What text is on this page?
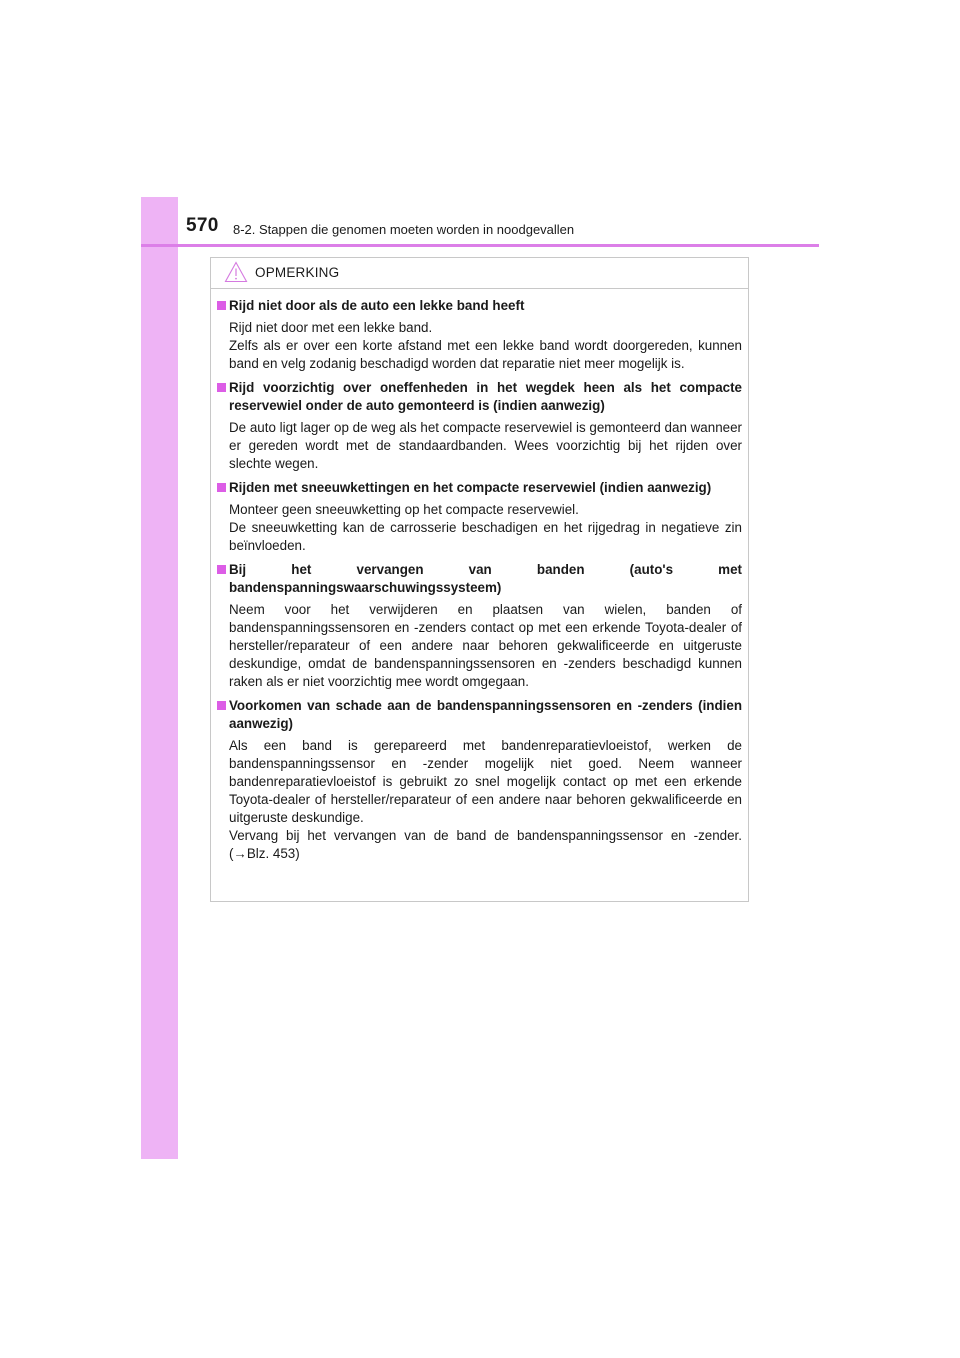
570 8-2. Stappen die genomen moeten worden in noodgevallen
OPMERKING
Rijd niet door als de auto een lekke band heeft

Rijd niet door met een lekke band.

Zelfs als er over een korte afstand met een lekke band wordt doorgereden, kunnen band en velg zodanig beschadigd worden dat reparatie niet meer mogelijk is.

Rijd voorzichtig over oneffenheden in het wegdek heen als het compacte reservewiel onder de auto gemonteerd is (indien aanwezig)

De auto ligt lager op de weg als het compacte reservewiel is gemonteerd dan wanneer er gereden wordt met de standaardbanden. Wees voorzichtig bij het rijden over slechte wegen.

Rijden met sneeuwkettingen en het compacte reservewiel (indien aanwezig)

Monteer geen sneeuwketting op het compacte reservewiel.

De sneeuwketting kan de carrosserie beschadigen en het rijgedrag in negatieve zin beïnvloeden.

Bij het vervangen van banden (auto's met bandenspanningswaarschuwingssysteem)

Neem voor het verwijderen en plaatsen van wielen, banden of bandenspanningssensoren en -zenders contact op met een erkende Toyota-dealer of hersteller/reparateur of een andere naar behoren gekwalificeerde en uitgeruste deskundige, omdat de bandenspanningssensoren en -zenders beschadigd kunnen raken als er niet voorzichtig mee wordt omgegaan.

Voorkomen van schade aan de bandenspanningssensoren en -zenders (indien aanwezig)

Als een band is gerepareerd met bandenreparatievloeistof, werken de bandenspanningssensor en -zender mogelijk niet goed. Neem wanneer bandenreparatievloeistof is gebruikt zo snel mogelijk contact op met een erkende Toyota-dealer of hersteller/reparateur of een andere naar behoren gekwalificeerde en uitgeruste deskundige.

Vervang bij het vervangen van de band de bandenspanningssensor en -zender. (→Blz. 453)
